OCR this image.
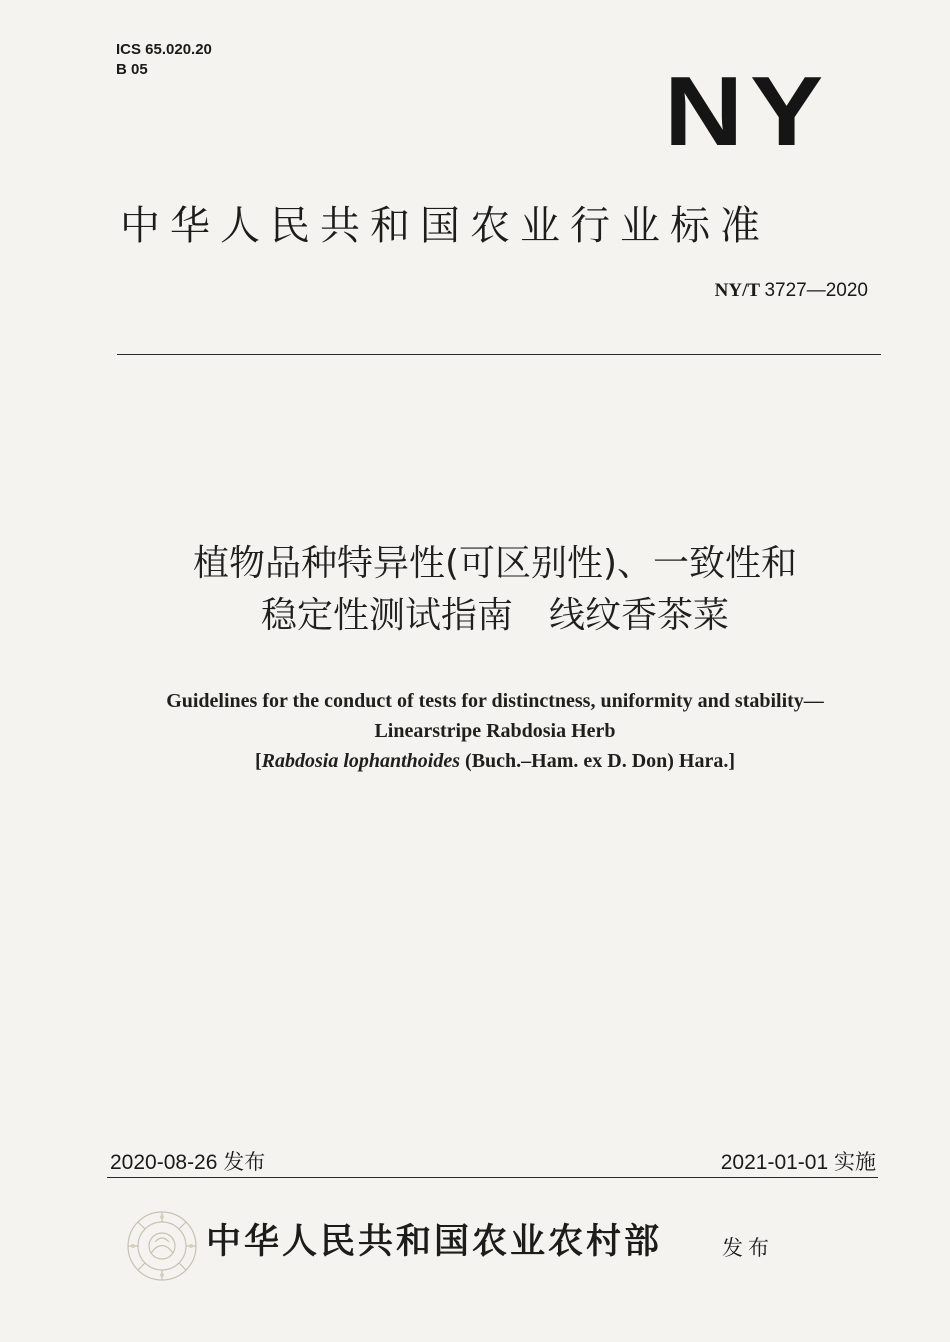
ICS 65.020.20
B 05	NY
中华人民共和国农业行业标准
NY/T 3727—2020
植物品种特异性(可区别性)、一致性和
稳定性测试指南　线纹香茶菜
Guidelines for the conduct of tests for distinctness, uniformity and stability—
Linearstripe Rabdosia Herb
[Rabdosia lophanthoides (Buch.–Ham. ex D. Don) Hara.]
2020-08-26 发布	2021-01-01 实施
中华人民共和国农业农村部	发布
